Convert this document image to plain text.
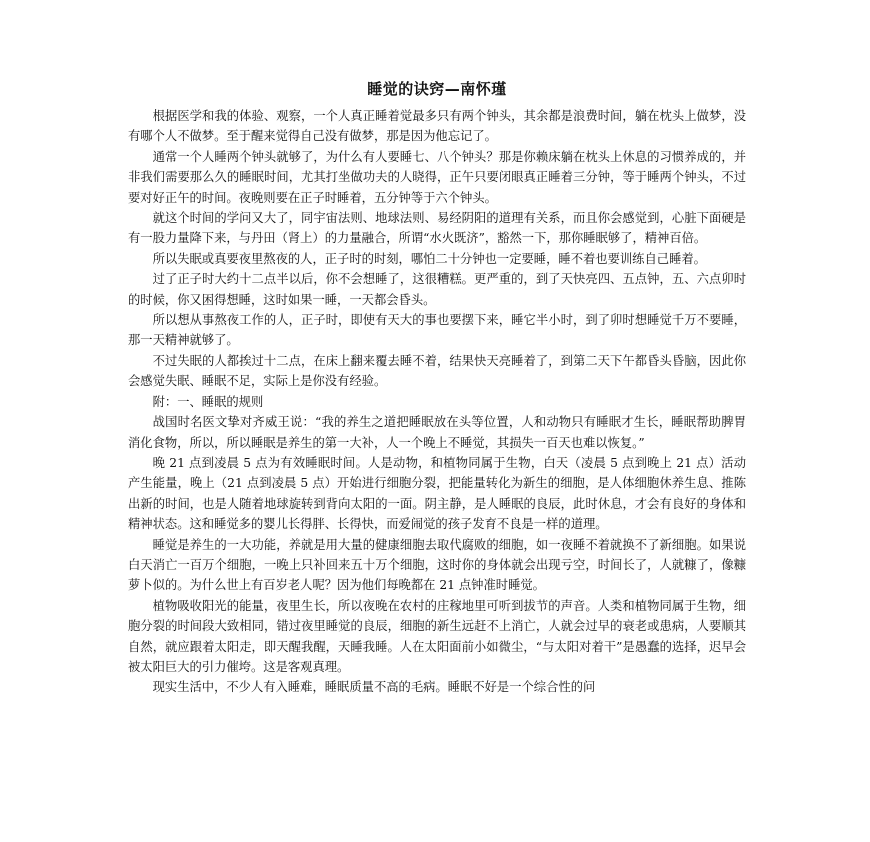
睡觉的诀窍—南怀瑾

根据医学和我的体验、观察，一个人真正睡着觉最多只有两个钟头，其余都是浪费时间，躺在枕头上做梦，没有哪个人不做梦。至于醒来觉得自己没有做梦，那是因为他忘记了。

通常一个人睡两个钟头就够了，为什么有人要睡七、八个钟头？那是你赖床躺在枕头上休息的习惯养成的，并非我们需要那么久的睡眠时间，尤其打坐做功夫的人晓得，正午只要闭眼真正睡着三分钟，等于睡两个钟头，不过要对好正午的时间。夜晚则要在正子时睡着，五分钟等于六个钟头。

就这个时间的学问又大了，同宇宙法则、地球法则、易经阴阳的道理有关系，而且你会感觉到，心脏下面硬是有一股力量降下来，与丹田（肾上）的力量融合，所谓“水火既济”，豁然一下，那你睡眠够了，精神百倍。

所以失眠或真要夜里熬夜的人，正子时的时刻，哪怕二十分钟也一定要睡，睡不着也要训练自己睡着。

过了正子时大约十二点半以后，你不会想睡了，这很糟糕。更严重的，到了天快亮四、五点钟，五、六点卯时的时候，你又困得想睡，这时如果一睡，一天都会昏头。

所以想从事熬夜工作的人，正子时，即使有天大的事也要摆下来，睡它半小时，到了卯时想睡觉千万不要睡，那一天精神就够了。

不过失眠的人都挨过十二点，在床上翻来覆去睡不着，结果快天亮睡着了，到第二天下午都昏头昏脑，因此你会感觉失眠、睡眠不足，实际上是你没有经验。

附：一、睡眠的规则

战国时名医文挚对齐威王说：“我的养生之道把睡眠放在头等位置，人和动物只有睡眠才生长，睡眠帮助脾胃消化食物，所以，所以睡眠是养生的第一大补，人一个晚上不睡觉，其损失一百天也难以恢复。”

晚 21 点到凌晨 5 点为有效睡眠时间。人是动物，和植物同属于生物，白天（凌晨 5 点到晚上 21 点）活动产生能量，晚上（21 点到凌晨 5 点）开始进行细胞分裂，把能量转化为新生的细胞，是人体细胞休养生息、推陈出新的时间，也是人随着地球旋转到背向太阳的一面。阴主静，是人睡眠的良辰，此时休息，才会有良好的身体和精神状态。这和睡觉多的婴儿长得胖、长得快，而爱闹觉的孩子发育不良是一样的道理。

睡觉是养生的一大功能，养就是用大量的健康细胞去取代腐败的细胞，如一夜睡不着就换不了新细胞。如果说白天消亡一百万个细胞，一晚上只补回来五十万个细胞，这时你的身体就会出现亏空，时间长了，人就糠了，像糠萝卜似的。为什么世上有百岁老人呢？因为他们每晚都在 21 点钟准时睡觉。

植物吸收阳光的能量，夜里生长，所以夜晚在农村的庄稼地里可听到拔节的声音。人类和植物同属于生物，细胞分裂的时间段大致相同，错过夜里睡觉的良辰，细胞的新生远赶不上消亡，人就会过早的衰老或患病，人要顺其自然，就应跟着太阳走，即天醒我醒，天睡我睡。人在太阳面前小如微尘，“与太阳对着干”是愚蠢的选择，迟早会被太阳巨大的引力催垮。这是客观真理。

现实生活中，不少人有入睡难，睡眠质量不高的毛病。睡眠不好是一个综合性的问
